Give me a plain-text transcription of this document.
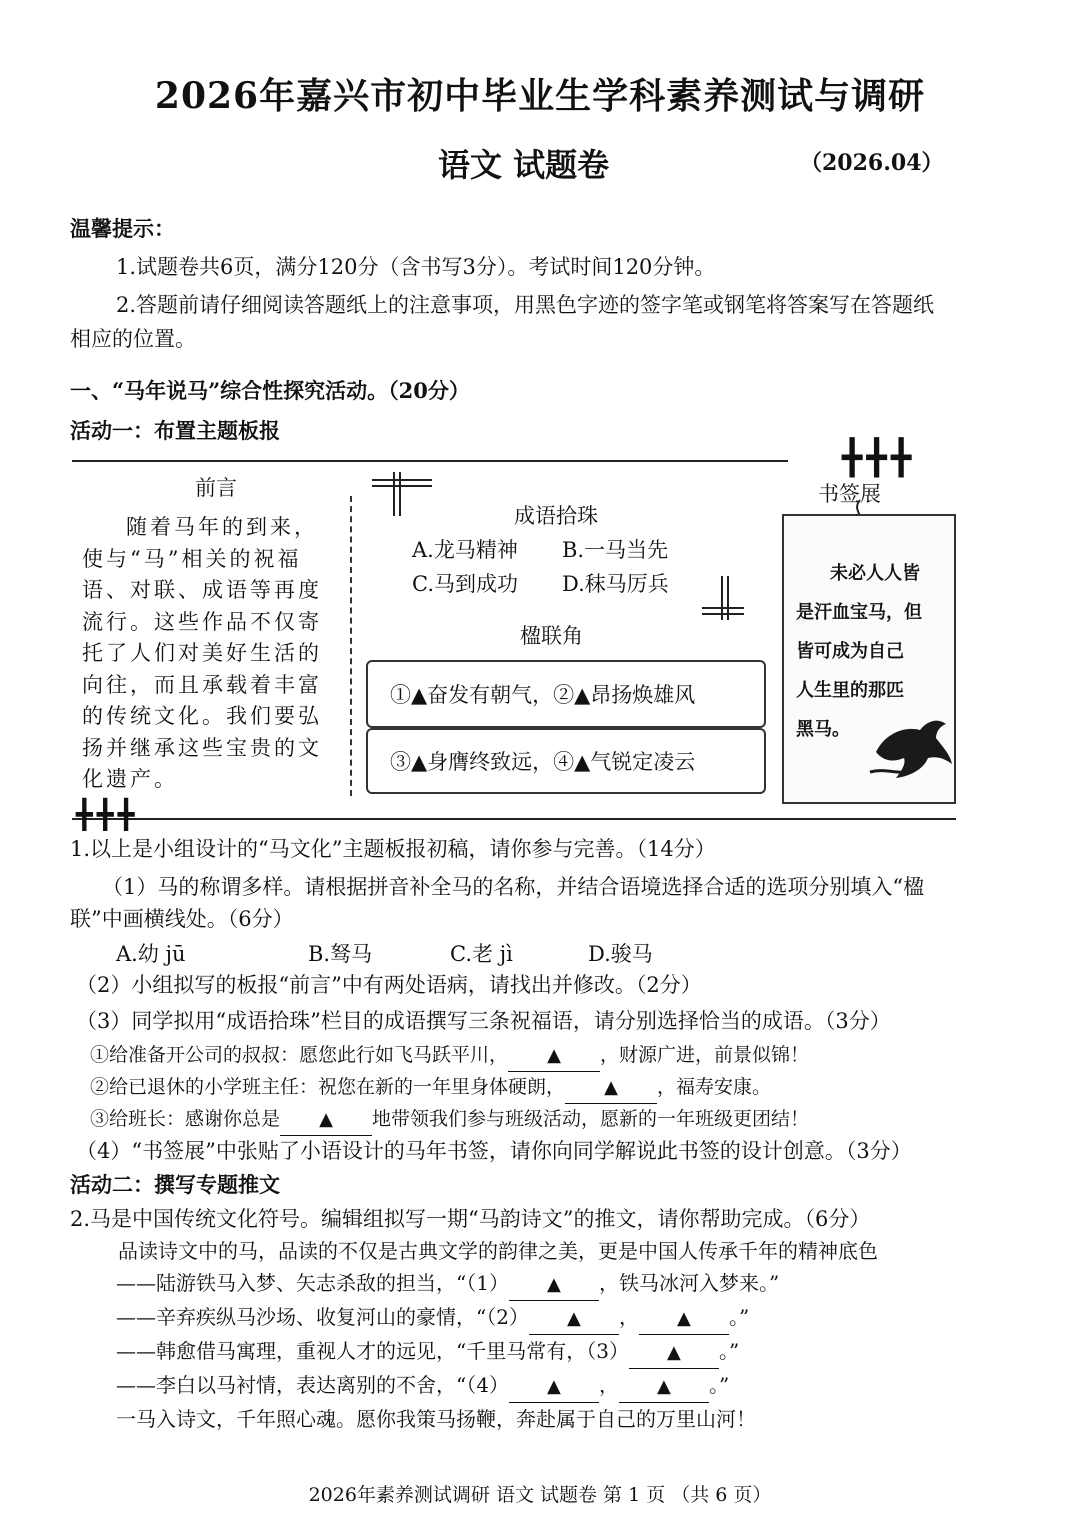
2026年嘉兴市初中毕业生学科素养测试与调研
语文 试题卷	（2026.04）
温馨提示：
1.试题卷共6页，满分120分（含书写3分）。考试时间120分钟。
2.答题前请仔细阅读答题纸上的注意事项，用黑色字迹的签字笔或钢笔将答案写在答题纸
相应的位置。
一、“马年说马”综合性探究活动。（20分）
活动一：布置主题板报
前言
随着马年的到来，
使与“马”相关的祝福
语、对联、成语等再度
流行。这些作品不仅寄
托了人们对美好生活的
向往，而且承载着丰富
的传统文化。我们要弘
扬并继承这些宝贵的文
化遗产。
成语拾珠
A.龙马精神 B.一马当先
C.马到成功 D.秣马厉兵
楹联角
①▲奋发有朝气，②▲昂扬焕雄风
③▲身膺终致远，④▲气锐定凌云
╋╋╋
书签展
未必人人皆
是汗血宝马，但
皆可成为自己
人生里的那匹
黑马。
╋╋╋
1.以上是小组设计的“马文化”主题板报初稿，请你参与完善。（14分）
（1）马的称谓多样。请根据拼音补全马的名称，并结合语境选择合适的选项分别填入“楹
联”中画横线处。（6分）
A.幼 jū	B.驽马	C.老 jì	D.骏马
（2）小组拟写的板报“前言”中有两处语病，请找出并修改。（2分）
（3）同学拟用“成语拾珠”栏目的成语撰写三条祝福语，请分别选择恰当的成语。（3分）
①给准备开公司的叔叔：愿您此行如飞马跃平川， ▲ ，财源广进，前景似锦！
②给已退休的小学班主任：祝您在新的一年里身体硬朗， ▲ ，福寿安康。
③给班长：感谢你总是 ▲ 地带领我们参与班级活动，愿新的一年班级更团结！
（4）“书签展”中张贴了小语设计的马年书签，请你向同学解说此书签的设计创意。（3分）
活动二：撰写专题推文
2.马是中国传统文化符号。编辑组拟写一期“马韵诗文”的推文，请你帮助完成。（6分）
品读诗文中的马，品读的不仅是古典文学的韵律之美，更是中国人传承千年的精神底色
——陆游铁马入梦、矢志杀敌的担当，“（1） ▲ ，铁马冰河入梦来。”
——辛弃疾纵马沙场、收复河山的豪情，“（2） ▲ ， ▲ 。”
——韩愈借马寓理，重视人才的远见，“千里马常有，（3） ▲ 。”
——李白以马衬情，表达离别的不舍，“（4） ▲ ， ▲ 。”
一马入诗文，千年照心魂。愿你我策马扬鞭，奔赴属于自己的万里山河！
2026年素养测试调研 语文 试题卷 第 1 页 （共 6 页）
